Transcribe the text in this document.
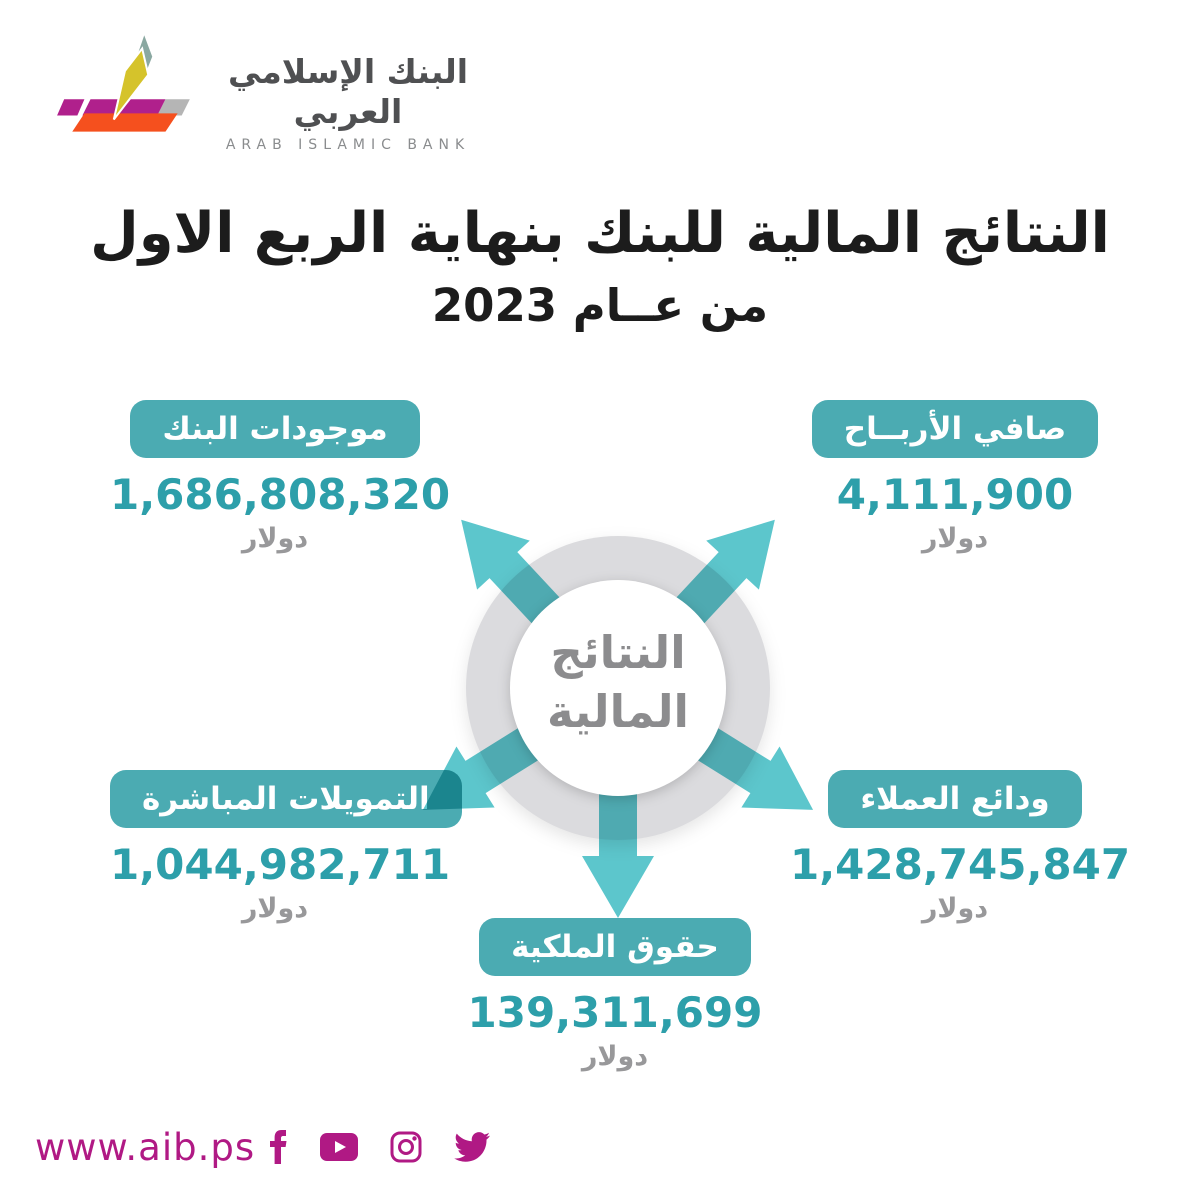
البنك الإسلامي العربي
ARAB ISLAMIC BANK
النتائج المالية للبنك بنهاية الربع الاول
من عــام 2023
موجودات البنك
1,686,808,320
دولار
صافي الأربــاح
4,111,900
دولار
التمويلات المباشرة
1,044,982,711
دولار
ودائع العملاء
1,428,745,847
دولار
حقوق الملكية
139,311,699
دولار
النتائج
المالية
www.aib.ps
